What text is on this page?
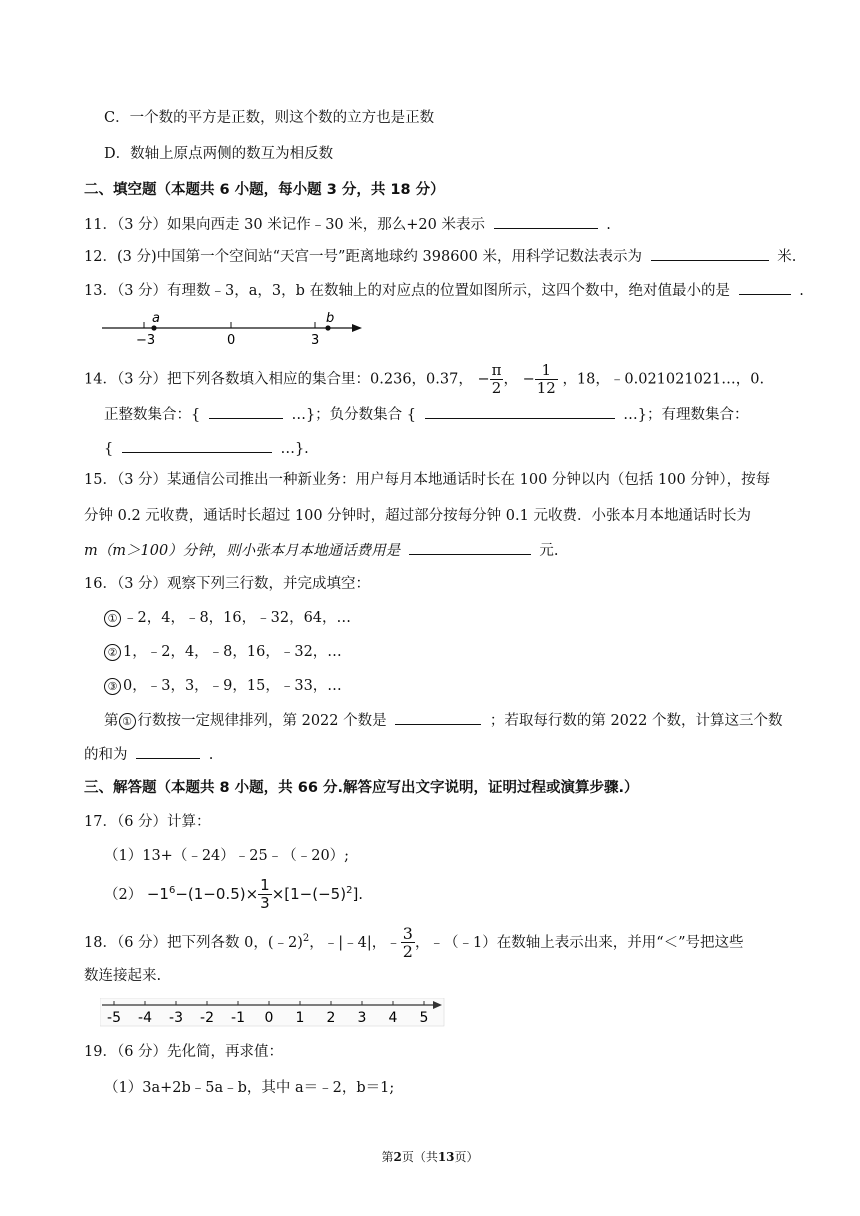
C．一个数的平方是正数，则这个数的立方也是正数
D．数轴上原点两侧的数互为相反数
二、填空题（本题共 6 小题，每小题 3 分，共 18 分）
11．（3 分）如果向西走 30 米记作﹣30 米，那么+20 米表示	.
12．(3 分)中国第一个空间站“天宫一号”距离地球约 398600 米，用科学记数法表示为	米.
13．（3 分）有理数﹣3，a，3，b 在数轴上的对应点的位置如图所示，这四个数中，绝对值最小的是	.
a	b
−3	0	3
14．（3 分）把下列各数填入相应的集合里：0.236，0.37， − $\frac{\pi}{2}$ ， − $\frac{1}{12}$ ，18，﹣0.021021021…，0.
正整数集合：{	…}；负分数集合 {	…}；有理数集合：
{	…}.
15．（3 分）某通信公司推出一种新业务：用户每月本地通话时长在 100 分钟以内（包括 100 分钟），按每
分钟 0.2 元收费，通话时长超过 100 分钟时，超过部分按每分钟 0.1 元收费．小张本月本地通话时长为
m（m＞100）分钟，则小张本月本地通话费用是	元.
16．（3 分）观察下列三行数，并完成填空：
① ﹣2，4，﹣8，16，﹣32，64，…
② 1，﹣2，4，﹣8，16，﹣32，…
③ 0，﹣3，3，﹣9，15，﹣33，…
第 ① 行数按一定规律排列，第 2022 个数是	；若取每行数的第 2022 个数，计算这三个数
的和为	.
三、解答题（本题共 8 小题，共 66 分.解答应写出文字说明，证明过程或演算步骤.）
17．（6 分）计算：
（1）13+（﹣24）﹣25﹣（﹣20）;
$(2) -1^6-(1-0.5)\times \frac{1}{3} \times[1-(-5)^2]$.
18．（6 分）把下列各数 0，(﹣2)$^2$，﹣|﹣4|，﹣ $\frac{3}{2}$ ，﹣（﹣1）在数轴上表示出来，并用“＜”号把这些
数连接起来.
-5 -4 -3 -2 -1 0 1 2 3 4 5
19．（6 分）先化简，再求值：
（1）3a+2b﹣5a﹣b，其中 a＝﹣2，b＝1;
第2页（共13页）
